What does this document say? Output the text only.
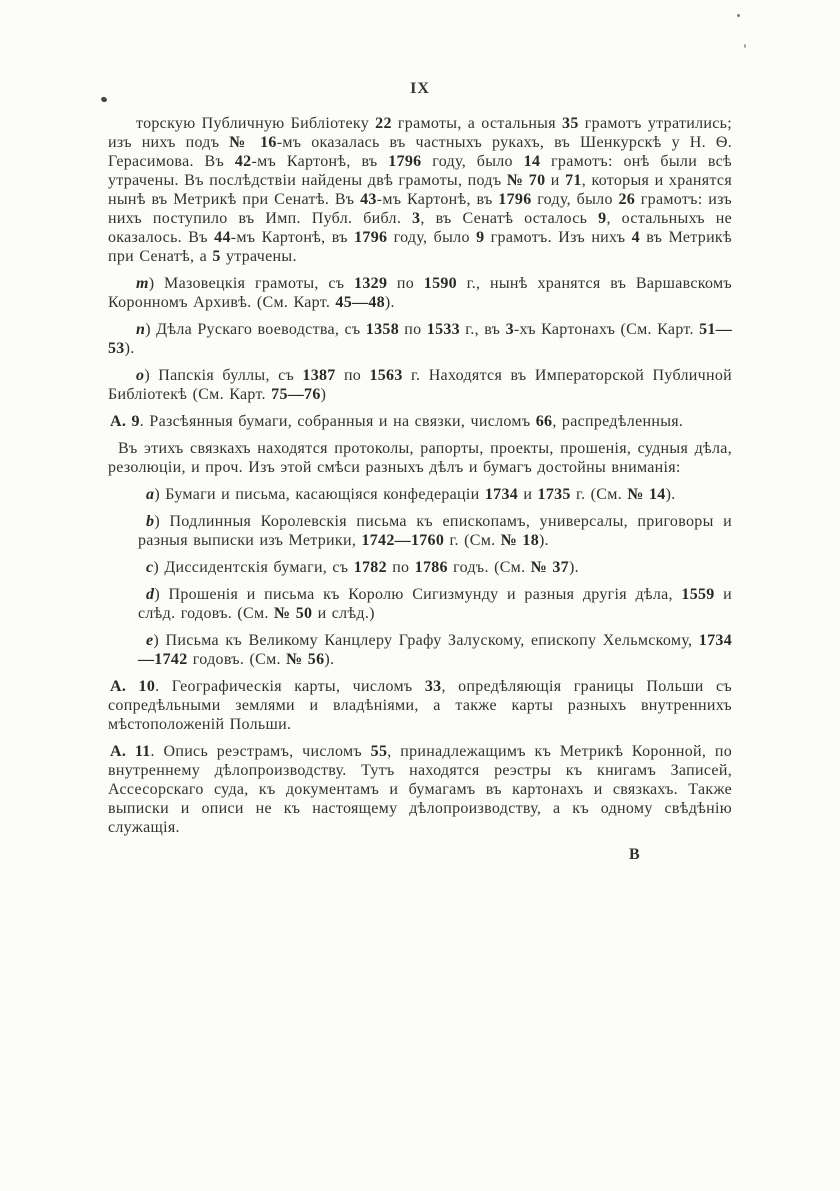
IX

торскую Публичную Библіотеку 22 грамоты, а остальныя 35 грамотъ утратились; изъ нихъ подъ № 16-мъ оказалась въ частныхъ рукахъ, въ Шенкурскѣ у Н. Ѳ. Герасимова. Въ 42-мъ Картонѣ, въ 1796 году, было 14 грамотъ: онѣ были всѣ утрачены. Въ послѣдствіи найдены двѣ грамоты, подъ № 70 и 71, которыя и хранятся нынѣ въ Метрикѣ при Сенатѣ. Въ 43-мъ Картонѣ, въ 1796 году, было 26 грамотъ: изъ нихъ поступило въ Имп. Публ. библ. 3, въ Сенатѣ осталось 9, остальныхъ не оказалось. Въ 44-мъ Картонѣ, въ 1796 году, было 9 грамотъ. Изъ нихъ 4 въ Метрикѣ при Сенатѣ, а 5 утрачены.

m) Мазовецкія грамоты, съ 1329 по 1590 г., нынѣ хранятся въ Варшавскомъ Коронномъ Архивѣ. (См. Карт. 45—48).

n) Дѣла Рускаго воеводства, съ 1358 по 1533 г., въ 3-хъ Картонахъ (См. Карт. 51—53).

o) Папскія буллы, съ 1387 по 1563 г. Находятся въ Императорской Публичной Библіотекѣ (См. Карт. 75—76)

А. 9. Разсѣянныя бумаги, собранныя и на связки, числомъ 66, распредѣленныя.

Въ этихъ связкахъ находятся протоколы, рапорты, проекты, прошенія, судныя дѣла, резолюціи, и проч. Изъ этой смѣси разныхъ дѣлъ и бумагъ достойны вниманія:

a) Бумаги и письма, касающіяся конфедераціи 1734 и 1735 г. (См. № 14).

b) Подлинныя Королевскія письма къ епископамъ, универсалы, приговоры и разныя выписки изъ Метрики, 1742—1760 г. (См. № 18).

c) Диссидентскія бумаги, съ 1782 по 1786 годъ. (См. № 37).

d) Прошенія и письма къ Королю Сигизмунду и разныя другія дѣла, 1559 и слѣд. годовъ. (См. № 50 и слѣд.)

e) Письма къ Великому Канцлеру Графу Залускому, епископу Хельмскому, 1734—1742 годовъ. (См. № 56).

А. 10. Географическія карты, числомъ 33, опредѣляющія границы Польши съ сопредѣльными землями и владѣніями, а также карты разныхъ внутреннихъ мѣстоположеній Польши.

А. 11. Опись реэстрамъ, числомъ 55, принадлежащимъ къ Метрикѣ Коронной, по внутреннему дѣлопроизводству. Тутъ находятся реэстры къ книгамъ Записей, Ассесорскаго суда, къ документамъ и бумагамъ въ картонахъ и связкахъ. Также выписки и описи не къ настоящему дѣлопроизводству, а къ одному свѣдѣнію служащія.

В
